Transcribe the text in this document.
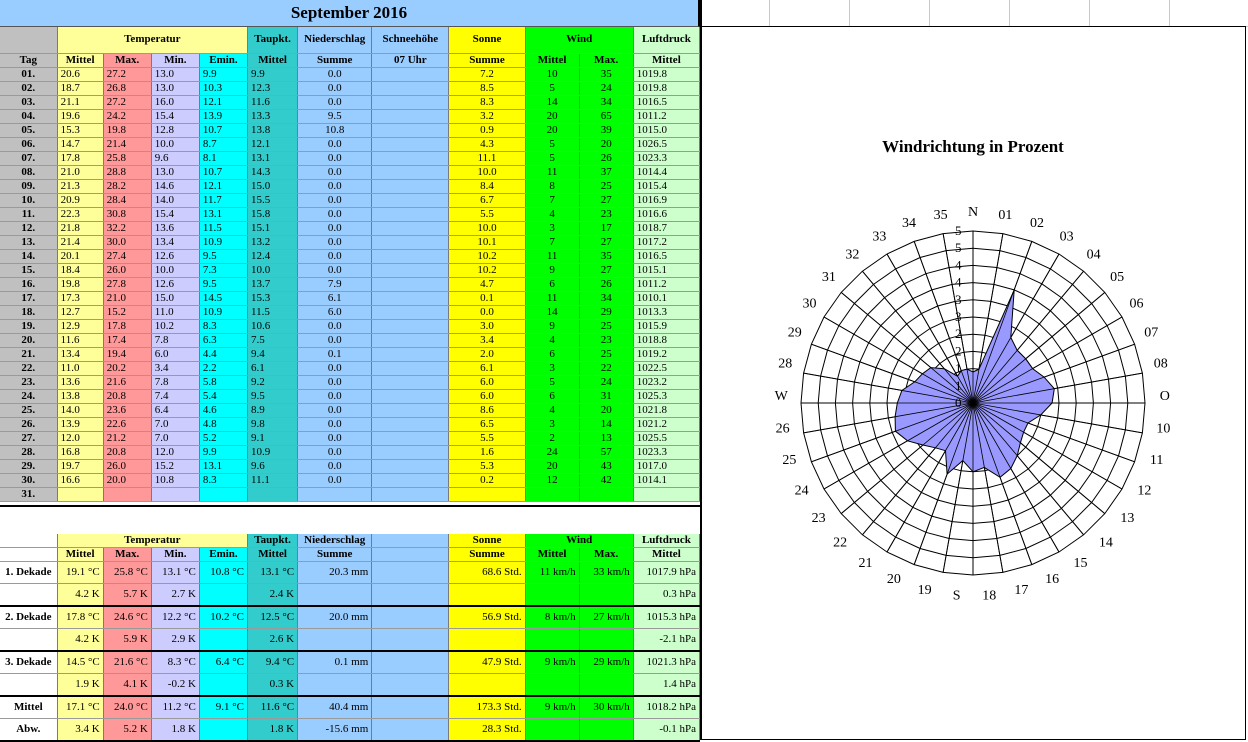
September 2016
	Temperatur				Taupkt.	Niederschlag	Schneehöhe	Sonne	Wind		Luftdruck
Tag	Mittel	Max.	Min.	Emin.	Mittel	Summe	07 Uhr	Summe	Mittel	Max.	Mittel
01.	20.6	27.2	13.0	9.9	9.9	0.0		7.2	10	35	1019.8
02.	18.7	26.8	13.0	10.3	12.3	0.0		8.5	5	24	1019.8
03.	21.1	27.2	16.0	12.1	11.6	0.0		8.3	14	34	1016.5
04.	19.6	24.2	15.4	13.9	13.3	9.5		3.2	20	65	1011.2
05.	15.3	19.8	12.8	10.7	13.8	10.8		0.9	20	39	1015.0
06.	14.7	21.4	10.0	8.7	12.1	0.0		4.3	5	20	1026.5
07.	17.8	25.8	9.6	8.1	13.1	0.0		11.1	5	26	1023.3
08.	21.0	28.8	13.0	10.7	14.3	0.0		10.0	11	37	1014.4
09.	21.3	28.2	14.6	12.1	15.0	0.0		8.4	8	25	1015.4
10.	20.9	28.4	14.0	11.7	15.5	0.0		6.7	7	27	1016.9
11.	22.3	30.8	15.4	13.1	15.8	0.0		5.5	4	23	1016.6
12.	21.8	32.2	13.6	11.5	15.1	0.0		10.0	3	17	1018.7
13.	21.4	30.0	13.4	10.9	13.2	0.0		10.1	7	27	1017.2
14.	20.1	27.4	12.6	9.5	12.4	0.0		10.2	11	35	1016.5
15.	18.4	26.0	10.0	7.3	10.0	0.0		10.2	9	27	1015.1
16.	19.8	27.8	12.6	9.5	13.7	7.9		4.7	6	26	1011.2
17.	17.3	21.0	15.0	14.5	15.3	6.1		0.1	11	34	1010.1
18.	12.7	15.2	11.0	10.9	11.5	6.0		0.0	14	29	1013.3
19.	12.9	17.8	10.2	8.3	10.6	0.0		3.0	9	25	1015.9
20.	11.6	17.4	7.8	6.3	7.5	0.0		3.4	4	23	1018.8
21.	13.4	19.4	6.0	4.4	9.4	0.1		2.0	6	25	1019.2
22.	11.0	20.2	3.4	2.2	6.1	0.0		6.1	3	22	1022.5
23.	13.6	21.6	7.8	5.8	9.2	0.0		6.0	5	24	1023.2
24.	13.8	20.8	7.4	5.4	9.5	0.0		6.0	6	31	1025.3
25.	14.0	23.6	6.4	4.6	8.9	0.0		8.6	4	20	1021.8
26.	13.9	22.6	7.0	4.8	9.8	0.0		6.5	3	14	1021.2
27.	12.0	21.2	7.0	5.2	9.1	0.0		5.5	2	13	1025.5
28.	16.8	20.8	12.0	9.9	10.9	0.0		1.6	24	57	1023.3
29.	19.7	26.0	15.2	13.1	9.6	0.0		5.3	20	43	1017.0
30.	16.6	20.0	10.8	8.3	11.1	0.0		0.2	12	42	1014.1
31.											
	Temperatur				Taupkt.	Niederschlag		Sonne	Wind		Luftdruck
	Mittel	Max.	Min.	Emin.	Mittel	Summe		Summe	Mittel	Max.	Mittel
1. Dekade	19.1 °C	25.8 °C	13.1 °C	10.8 °C	13.1 °C	20.3 mm		68.6 Std.	11 km/h	33 km/h	1017.9 hPa
	4.2 K	5.7 K	2.7 K		2.4 K						0.3 hPa
2. Dekade	17.8 °C	24.6 °C	12.2 °C	10.2 °C	12.5 °C	20.0 mm		56.9 Std.	8 km/h	27 km/h	1015.3 hPa
	4.2 K	5.9 K	2.9 K		2.6 K						-2.1 hPa
3. Dekade	14.5 °C	21.6 °C	8.3 °C	6.4 °C	9.4 °C	0.1 mm		47.9 Std.	9 km/h	29 km/h	1021.3 hPa
	1.9 K	4.1 K	-0.2 K		0.3 K						1.4 hPa
Mittel	17.1 °C	24.0 °C	11.2 °C	9.1 °C	11.6 °C	40.4 mm		173.3 Std.	9 km/h	30 km/h	1018.2 hPa
Abw.	3.4 K	5.2 K	1.8 K		1.8 K	-15.6 mm		28.3 Std.			-0.1 hPa
Windrichtung in Prozent
0
1
1
2
2
3
3
4
4
5
5
N 01
02
03
04
05
06
07
08
O
10
11
12
13
14
15
16
17
18
S
19
20
21
22
23
24
25
26
W
28
29
30
31
32
33
34
35
